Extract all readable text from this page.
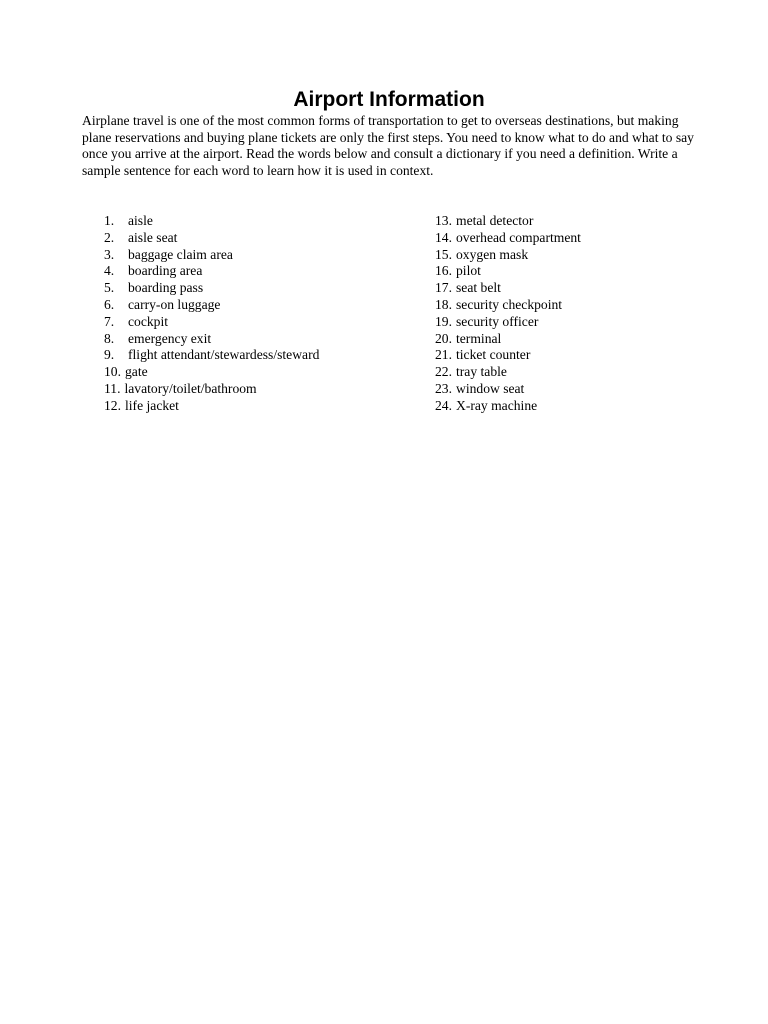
Airport Information

Airplane travel is one of the most common forms of transportation to get to overseas destinations, but making plane reservations and buying plane tickets are only the first steps. You need to know what to do and what to say once you arrive at the airport. Read the words below and consult a dictionary if you need a definition. Write a sample sentence for each word to learn how it is used in context.

1. aisle
2. aisle seat
3. baggage claim area
4. boarding area
5. boarding pass
6. carry-on luggage
7. cockpit
8. emergency exit
9. flight attendant/stewardess/steward
10. gate
11. lavatory/toilet/bathroom
12. life jacket
13. metal detector
14. overhead compartment
15. oxygen mask
16. pilot
17. seat belt
18. security checkpoint
19. security officer
20. terminal
21. ticket counter
22. tray table
23. window seat
24. X-ray machine
